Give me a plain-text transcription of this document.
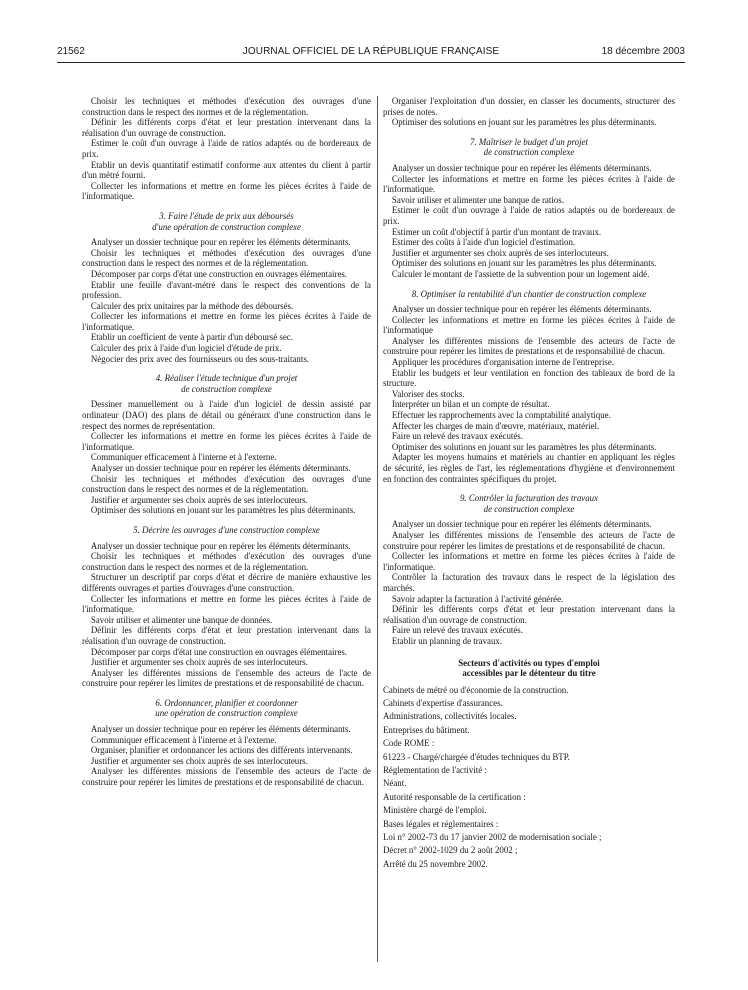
21562	JOURNAL OFFICIEL DE LA RÉPUBLIQUE FRANÇAISE	18 décembre 2003

Choisir les techniques et méthodes d'exécution des ouvrages d'une construction dans le respect des normes et de la réglementation.

Définir les différents corps d'état et leur prestation intervenant dans la réalisation d'un ouvrage de construction.

Estimer le coût d'un ouvrage à l'aide de ratios adaptés ou de bordereaux de prix.

Etablir un devis quantitatif estimatif conforme aux attentes du client à partir d'un métré fourni.

Collecter les informations et mettre en forme les pièces écrites à l'aide de l'informatique.

3. Faire l'étude de prix aux déboursés
d'une opération de construction complexe

Analyser un dossier technique pour en repérer les éléments déterminants.

Choisir les techniques et méthodes d'exécution des ouvrages d'une construction dans le respect des normes et de la réglementation.

Décomposer par corps d'état une construction en ouvrages élémentaires.

Etablir une feuille d'avant-métré dans le respect des conventions de la profession.

Calculer des prix unitaires par la méthode des déboursés.

Collecter les informations et mettre en forme les pièces écrites à l'aide de l'informatique.

Etablir un coefficient de vente à partir d'un déboursé sec.

Calculer des prix à l'aide d'un logiciel d'étude de prix.

Négocier des prix avec des fournisseurs ou des sous-traitants.

4. Réaliser l'étude technique d'un projet
de construction complexe

Dessiner manuellement ou à l'aide d'un logiciel de dessin assisté par ordinateur (DAO) des plans de détail ou généraux d'une construction dans le respect des normes de représentation.

Collecter les informations et mettre en forme les pièces écrites à l'aide de l'informatique.

Communiquer efficacement à l'interne et à l'externe.

Analyser un dossier technique pour en repérer les éléments déterminants.

Choisir les techniques et méthodes d'exécution des ouvrages d'une construction dans le respect des normes et de la réglementation.

Justifier et argumenter ses choix auprès de ses interlocuteurs.

Optimiser des solutions en jouant sur les paramètres les plus déterminants.

5. Décrire les ouvrages d'une construction complexe

Analyser un dossier technique pour en repérer les éléments déterminants.

Choisir les techniques et méthodes d'exécution des ouvrages d'une construction dans le respect des normes et de la réglementation.

Structurer un descriptif par corps d'état et décrire de manière exhaustive les différents ouvrages et parties d'ouvrages d'une construction.

Collecter les informations et mettre en forme les pièces écrites à l'aide de l'informatique.

Savoir utiliser et alimenter une banque de données.

Définir les différents corps d'état et leur prestation intervenant dans la réalisation d'un ouvrage de construction.

Décomposer par corps d'état une construction en ouvrages élémentaires.

Justifier et argumenter ses choix auprès de ses interlocuteurs.

Analyser les différentes missions de l'ensemble des acteurs de l'acte de construire pour repérer les limites de prestations et de responsabilité de chacun.

6. Ordonnancer, planifier et coordonner
une opération de construction complexe

Analyser un dossier technique pour en repérer les éléments déterminants.

Communiquer efficacement à l'interne et à l'externe.

Organiser, planifier et ordonnancer les actions des différents intervenants.

Justifier et argumenter ses choix auprès de ses interlocuteurs.

Analyser les différentes missions de l'ensemble des acteurs de l'acte de construire pour repérer les limites de prestations et de responsabilité de chacun.

Organiser l'exploitation d'un dossier, en classer les documents, structurer des prises de notes.

Optimiser des solutions en jouant sur les paramètres les plus déterminants.

7. Maîtriser le budget d'un projet
de construction complexe

Analyser un dossier technique pour en repérer les éléments déterminants.

Collecter les informations et mettre en forme les pièces écrites à l'aide de l'informatique.

Savoir utiliser et alimenter une banque de ratios.

Estimer le coût d'un ouvrage à l'aide de ratios adaptés ou de bordereaux de prix.

Estimer un coût d'objectif à partir d'un montant de travaux.

Estimer des coûts à l'aide d'un logiciel d'estimation.

Justifier et argumenter ses choix auprès de ses interlocuteurs.

Optimiser des solutions en jouant sur les paramètres les plus déterminants.

Calculer le montant de l'assiette de la subvention pour un logement aidé.

8. Optimiser la rentabilité d'un chantier de construction complexe

Analyser un dossier technique pour en repérer les éléments déterminants.

Collecter les informations et mettre en forme les pièces écrites à l'aide de l'informatique

Analyser les différentes missions de l'ensemble des acteurs de l'acte de construire pour repérer les limites de prestations et de responsabilité de chacun.

Appliquer les procédures d'organisation interne de l'entreprise.

Etablir les budgets et leur ventilation en fonction des tableaux de bord de la structure.

Valoriser des stocks.

Interpréter un bilan et un compte de résultat.

Effectuer les rapprochements avec la comptabilité analytique.

Affecter les charges de main d'œuvre, matériaux, matériel.

Faire un relevé des travaux exécutés.

Optimiser des solutions en jouant sur les paramètres les plus déterminants.

Adapter les moyens humains et matériels au chantier en appliquant les règles de sécurité, les règles de l'art, les réglementations d'hygiène et d'environnement en fonction des contraintes spécifiques du projet.

9. Contrôler la facturation des travaux
de construction complexe

Analyser un dossier technique pour en repérer les éléments déterminants.

Analyser les différentes missions de l'ensemble des acteurs de l'acte de construire pour repérer les limites de prestations et de responsabilité de chacun.

Collecter les informations et mettre en forme les pièces écrites à l'aide de l'informatique.

Contrôler la facturation des travaux dans le respect de la législation des marchés.

Savoir adapter la facturation à l'activité générée.

Définir les différents corps d'état et leur prestation intervenant dans la réalisation d'un ouvrage de construction.

Faire un relevé des travaux exécutés.

Etablir un planning de travaux.

Secteurs d'activités ou types d'emploi
accessibles par le détenteur du titre

Cabinets de métré ou d'économie de la construction.

Cabinets d'expertise d'assurances.

Administrations, collectivités locales.

Entreprises du bâtiment.

Code ROME :

61223 - Chargé/chargée d'études techniques du BTP.

Réglementation de l'activité :

Néant.

Autorité responsable de la certification :

Ministère chargé de l'emploi.

Bases légales et réglementaires :

Loi n° 2002-73 du 17 janvier 2002 de modernisation sociale ;

Décret n° 2002-1029 du 2 août 2002 ;

Arrêté du 25 novembre 2002.
